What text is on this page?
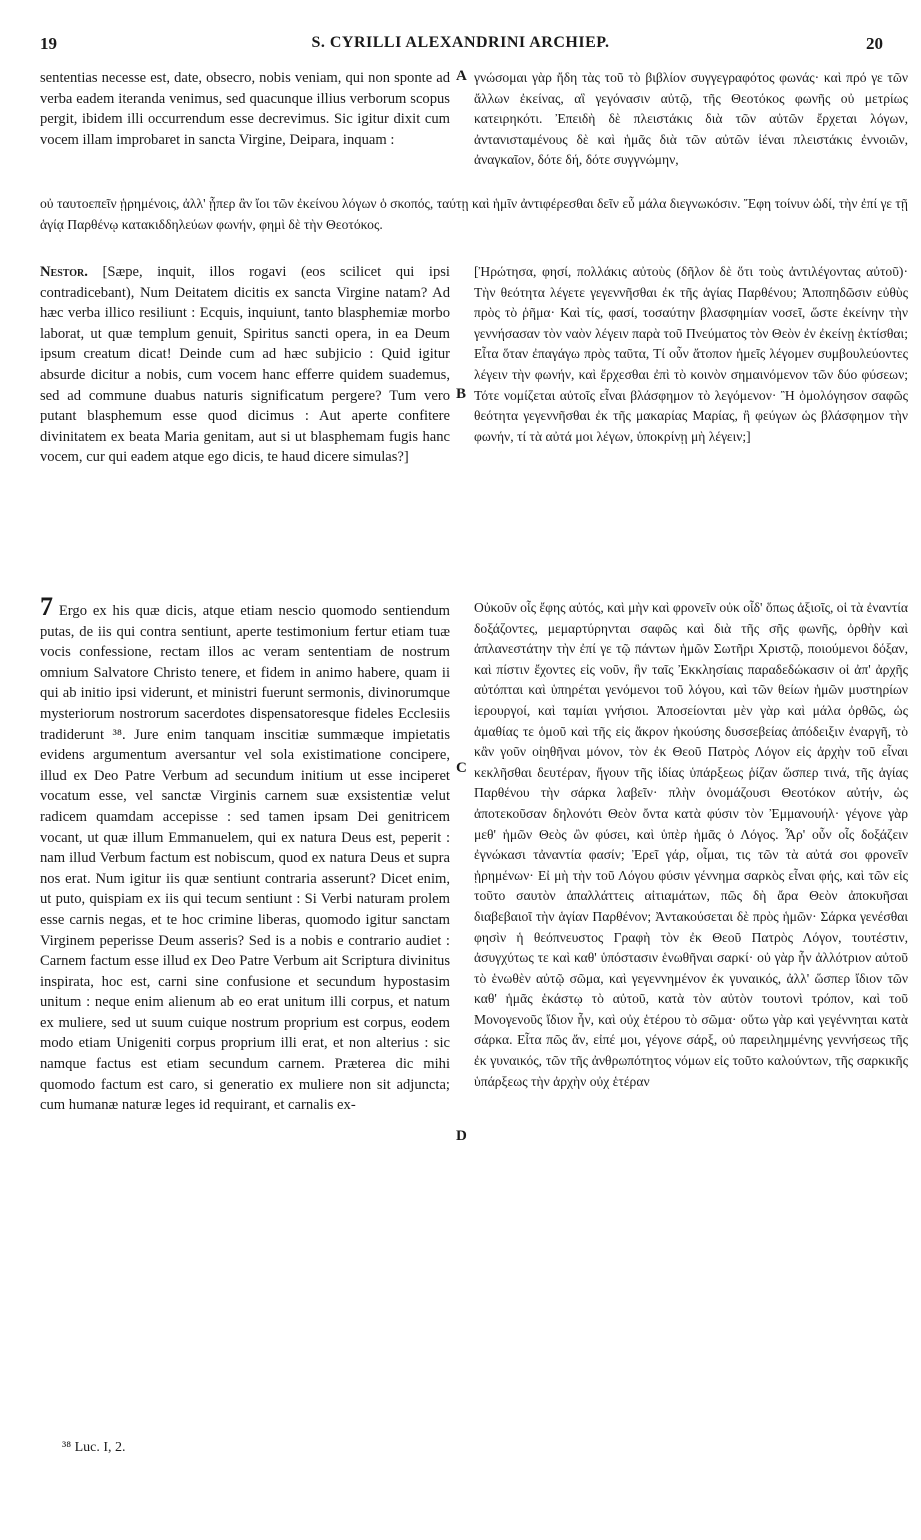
19	S. CYRILLI ALEXANDRINI ARCHIEP.	20

sententias necesse est, date, obsecro, nobis veniam, qui non sponte ad verba eadem iteranda venimus, sed quacunque illius verborum scopus pergit, ibidem illi occurrendum esse decrevimus. Sic igitur dixit cum vocem illam improbaret in sancta Virgine, Deipara, inquam :

γνώσομαι γὰρ ἤδη τὰς τοῦ τὸ βιβλίον συγγεγραφότος φωνάς· καὶ πρό γε τῶν ἄλλων ἐκείνας, αἳ γεγόνασιν αὐτῷ, τῆς Θεοτόκος φωνῆς οὐ μετρίως κατειρηκότι. Ἐπειδὴ δὲ πλειστάκις διὰ τῶν αὐτῶν ἔρχεται λόγων, ἀντανισταμένους δὲ καὶ ἡμᾶς διὰ τῶν αὐτῶν ἰέναι πλειστάκις ἐννοιῶν, ἀναγκαῖον, δότε δή, δότε συγγνώμην,

οὐ ταυτοεπεῖν ᾑρημένοις, ἀλλ' ᾗπερ ἂν ἴοι τῶν ἐκείνου λόγων ὁ σκοπός, ταύτῃ καὶ ἡμῖν ἀντιφέρεσθαι δεῖν εὖ μάλα διεγνωκόσιν. Ἔφη τοίνυν ὡδί, τὴν ἐπί γε τῇ ἁγίᾳ Παρθένῳ κατακιδδηλεύων φωνήν, φημὶ δὲ τὴν Θεοτόκος.

Nestor. [Sæpe, inquit, illos rogavi (eos scilicet qui ipsi contradicebant), Num Deitatem dicitis ex sancta Virgine natam? Ad hæc verba illico resiliunt : Ecquis, inquiunt, tanto blasphemiæ morbo laborat, ut quæ templum genuit, Spiritus sancti opera, in ea Deum ipsum creatum dicat! Deinde cum ad hæc subjicio : Quid igitur absurde dicitur a nobis, cum vocem hanc efferre quidem suademus, sed ad commune duabus naturis significatum pergere? Tum vero putant blasphemum esse quod dicimus : Aut aperte confitere divinitatem ex beata Maria genitam, aut si ut blasphemam fugis hanc vocem, cur qui eadem atque ego dicis, te haud dicere simulas?]

[Ἠρώτησα, φησί, πολλάκις αὐτοὺς (δῆλον δὲ ὅτι τοὺς ἀντιλέγοντας αὐτοῦ)· Τὴν θεότητα λέγετε γεγεννῆσθαι ἐκ τῆς ἁγίας Παρθένου; Ἀποπηδῶσιν εὐθὺς πρὸς τὸ ῥῆμα· Καὶ τίς, φασί, τοσαύτην βλασφημίαν νοσεῖ, ὥστε ἐκείνην τὴν γεννήσασαν τὸν ναὸν λέγειν παρὰ τοῦ Πνεύματος τὸν Θεὸν ἐν ἐκείνῃ ἐκτίσθαι; Εἶτα ὅταν ἐπαγάγω πρὸς ταῦτα, Τί οὖν ἄτοπον ἡμεῖς λέγομεν συμβουλεύοντες λέγειν τὴν φωνήν, καὶ ἔρχεσθαι ἐπὶ τὸ κοινὸν σημαινόμενον τῶν δύο φύσεων; Τότε νομίζεται αὐτοῖς εἶναι βλάσφημον τὸ λεγόμενον· Ἢ ὁμολόγησον σαφῶς θεότητα γεγεννῆσθαι ἐκ τῆς μακαρίας Μαρίας, ἢ φεύγων ὡς βλάσφημον τὴν φωνήν, τί τὰ αὐτά μοι λέγων, ὑποκρίνῃ μὴ λέγειν;]

7 Ergo ex his quæ dicis, atque etiam nescio quomodo sentiendum putas, de iis qui contra sentiunt, aperte testimonium fertur etiam tuæ vocis confessione, rectam illos ac veram sententiam de nostrum omnium Salvatore Christo tenere, et fidem in animo habere, quam ii qui ab initio ipsi viderunt, et ministri fuerunt sermonis, divinorumque mysteriorum nostrorum sacerdotes dispensatoresque fideles Ecclesiis tradiderunt ³⁸. Jure enim tanquam inscitiæ summæque impietatis evidens argumentum aversantur vel sola existimatione concipere, illud ex Deo Patre Verbum ad secundum initium ut esse inciperet vocatum esse, vel sanctæ Virginis carnem suæ exsistentiæ velut radicem quamdam accepisse : sed tamen ipsam Dei genitricem vocant, ut quæ illum Emmanuelem, qui ex natura Deus est, peperit : nam illud Verbum factum est nobiscum, quod ex natura Deus et supra nos erat. Num igitur iis quæ sentiunt contraria asserunt? Dicet enim, ut puto, quispiam ex iis qui tecum sentiunt : Si Verbi naturam prolem esse carnis negas, et te hoc crimine liberas, quomodo igitur sanctam Virginem peperisse Deum asseris? Sed is a nobis e contrario audiet : Carnem factum esse illud ex Deo Patre Verbum ait Scriptura divinitus inspirata, hoc est, carni sine confusione et secundum hypostasim unitum : neque enim alienum ab eo erat unitum illi corpus, et natum ex muliere, sed ut suum cuique nostrum proprium est corpus, eodem modo etiam Unigeniti corpus proprium illi erat, et non alterius : sic namque factus est etiam secundum carnem. Præterea dic mihi quomodo factum est caro, si generatio ex muliere non sit adjuncta; cum humanæ naturæ leges id requirant, et carnalis ex-

Οὐκοῦν οἷς ἔφης αὐτός, καὶ μὴν καὶ φρονεῖν οὐκ οἶδ' ὅπως ἀξιοῖς, οἱ τὰ ἐναντία δοξάζοντες, μεμαρτύρηνται σαφῶς καὶ διὰ τῆς σῆς φωνῆς, ὀρθὴν καὶ ἀπλανεστάτην τὴν ἐπί γε τῷ πάντων ἡμῶν Σωτῆρι Χριστῷ, ποιούμενοι δόξαν, καὶ πίστιν ἔχοντες εἰς νοῦν, ἣν ταῖς Ἐκκλησίαις παραδεδώκασιν οἱ ἀπ' ἀρχῆς αὐτόπται καὶ ὑπηρέται γενόμενοι τοῦ λόγου, καὶ τῶν θείων ἡμῶν μυστηρίων ἱερουργοί, καὶ ταμίαι γνήσιοι. Ἀποσείονται μὲν γὰρ καὶ μάλα ὀρθῶς, ὡς ἀμαθίας τε ὁμοῦ καὶ τῆς εἰς ἄκρον ἡκούσης δυσσεβείας ἀπόδειξιν ἐναργῆ, τὸ κἂν γοῦν οἰηθῆναι μόνον, τὸν ἐκ Θεοῦ Πατρὸς Λόγον εἰς ἀρχὴν τοῦ εἶναι κεκλῆσθαι δευτέραν, ἤγουν τῆς ἰδίας ὑπάρξεως ῥίζαν ὥσπερ τινά, τῆς ἁγίας Παρθένου τὴν σάρκα λαβεῖν· πλὴν ὀνομάζουσι Θεοτόκον αὐτήν, ὡς ἀποτεκοῦσαν δηλονότι Θεὸν ὄντα κατὰ φύσιν τὸν Ἐμμανουήλ· γέγονε γὰρ μεθ' ἡμῶν Θεὸς ὢν φύσει, καὶ ὑπὲρ ἡμᾶς ὁ Λόγος. Ἆρ' οὖν οἷς δοξάζειν ἐγνώκασι τἀναντία φασίν; Ἐρεῖ γάρ, οἶμαι, τις τῶν τὰ αὐτά σοι φρονεῖν ᾑρημένων· Εἰ μὴ τὴν τοῦ Λόγου φύσιν γέννημα σαρκὸς εἶναι φής, καὶ τῶν εἰς τοῦτο σαυτὸν ἀπαλλάττεις αἰτιαμάτων, πῶς δὴ ἄρα Θεὸν ἀποκυῆσαι διαβεβαιοῖ τὴν ἁγίαν Παρθένον; Ἀντακούσεται δὲ πρὸς ἡμῶν· Σάρκα γενέσθαι φησὶν ἡ θεόπνευστος Γραφὴ τὸν ἐκ Θεοῦ Πατρὸς Λόγον, τουτέστιν, ἀσυγχύτως τε καὶ καθ' ὑπόστασιν ἑνωθῆναι σαρκί· οὐ γὰρ ἦν ἀλλότριον αὐτοῦ τὸ ἑνωθὲν αὐτῷ σῶμα, καὶ γεγεννημένον ἐκ γυναικός, ἀλλ' ὥσπερ ἴδιον τῶν καθ' ἡμᾶς ἑκάστῳ τὸ αὐτοῦ, κατὰ τὸν αὐτὸν τουτονὶ τρόπον, καὶ τοῦ Μονογενοῦς ἴδιον ἦν, καὶ οὐχ ἑτέρου τὸ σῶμα· οὕτω γὰρ καὶ γεγέννηται κατὰ σάρκα. Εἶτα πῶς ἄν, εἰπέ μοι, γέγονε σάρξ, οὐ παρειλημμένης γεννήσεως τῆς ἐκ γυναικός, τῶν τῆς ἀνθρωπότητος νόμων εἰς τοῦτο καλούντων, τῆς σαρκικῆς ὑπάρξεως τὴν ἀρχὴν οὐχ ἑτέραν

A
B
C
D
³⁸ Luc. I, 2.
